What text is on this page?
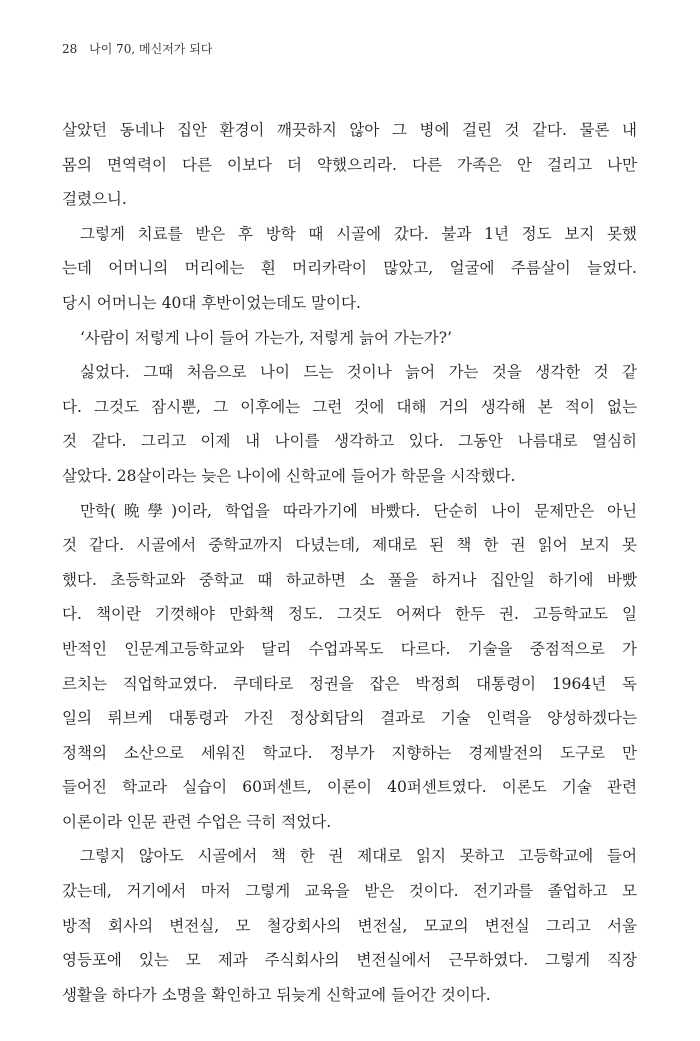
28 나이 70, 메신저가 되다
살았던 동네나 집안 환경이 깨끗하지 않아 그 병에 걸린 것 같다. 물론 내
몸의 면역력이 다른 이보다 더 약했으리라. 다른 가족은 안 걸리고 나만
걸렸으니.
그렇게 치료를 받은 후 방학 때 시골에 갔다. 불과 1년 정도 보지 못했
는데 어머니의 머리에는 흰 머리카락이 많았고, 얼굴에 주름살이 늘었다.
당시 어머니는 40대 후반이었는데도 말이다.
‘사람이 저렇게 나이 들어 가는가, 저렇게 늙어 가는가?’
싫었다. 그때 처음으로 나이 드는 것이나 늙어 가는 것을 생각한 것 같
다. 그것도 잠시뿐, 그 이후에는 그런 것에 대해 거의 생각해 본 적이 없는
것 같다. 그리고 이제 내 나이를 생각하고 있다. 그동안 나름대로 열심히
살았다. 28살이라는 늦은 나이에 신학교에 들어가 학문을 시작했다.
만학(晩學)이라, 학업을 따라가기에 바빴다. 단순히 나이 문제만은 아닌
것 같다. 시골에서 중학교까지 다녔는데, 제대로 된 책 한 권 읽어 보지 못
했다. 초등학교와 중학교 때 하교하면 소 풀을 하거나 집안일 하기에 바빴
다. 책이란 기껏해야 만화책 정도. 그것도 어쩌다 한두 권. 고등학교도 일
반적인 인문계고등학교와 달리 수업과목도 다르다. 기술을 중점적으로 가
르치는 직업학교였다. 쿠데타로 정권을 잡은 박정희 대통령이 1964년 독
일의 뤼브케 대통령과 가진 정상회담의 결과로 기술 인력을 양성하겠다는
정책의 소산으로 세워진 학교다. 정부가 지향하는 경제발전의 도구로 만
들어진 학교라 실습이 60퍼센트, 이론이 40퍼센트였다. 이론도 기술 관련
이론이라 인문 관련 수업은 극히 적었다.
그렇지 않아도 시골에서 책 한 권 제대로 읽지 못하고 고등학교에 들어
갔는데, 거기에서 마저 그렇게 교육을 받은 것이다. 전기과를 졸업하고 모
방적 회사의 변전실, 모 철강회사의 변전실, 모교의 변전실 그리고 서울
영등포에 있는 모 제과 주식회사의 변전실에서 근무하였다. 그렇게 직장
생활을 하다가 소명을 확인하고 뒤늦게 신학교에 들어간 것이다.
